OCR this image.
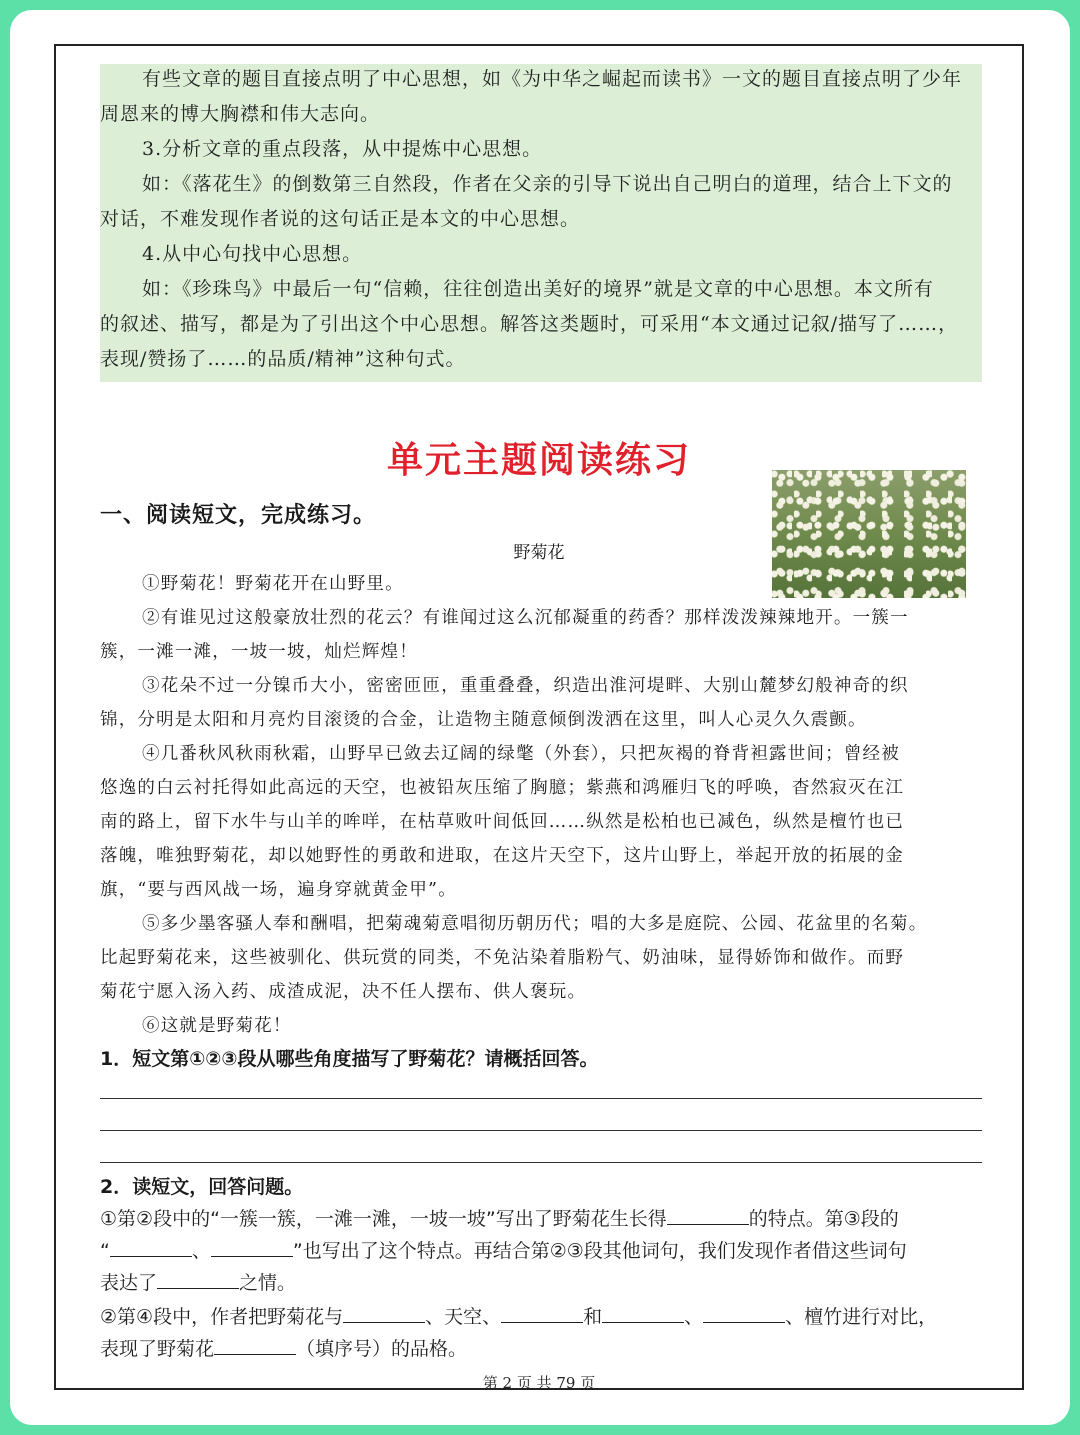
有些文章的题目直接点明了中心思想，如《为中华之崛起而读书》一文的题目直接点明了少年
周恩来的博大胸襟和伟大志向。
3.分析文章的重点段落，从中提炼中心思想。
如：《落花生》的倒数第三自然段，作者在父亲的引导下说出自己明白的道理，结合上下文的
对话，不难发现作者说的这句话正是本文的中心思想。
4.从中心句找中心思想。
如：《珍珠鸟》中最后一句“信赖，往往创造出美好的境界”就是文章的中心思想。本文所有
的叙述、描写，都是为了引出这个中心思想。解答这类题时，可采用“本文通过记叙/描写了……，
表现/赞扬了……的品质/精神”这种句式。
单元主题阅读练习
一、阅读短文，完成练习。
野菊花
①野菊花！野菊花开在山野里。
②有谁见过这般豪放壮烈的花云？有谁闻过这么沉郁凝重的药香？那样泼泼辣辣地开。一簇一
簇，一滩一滩，一坡一坡，灿烂辉煌！
③花朵不过一分镍币大小，密密匝匝，重重叠叠，织造出淮河堤畔、大别山麓梦幻般神奇的织
锦，分明是太阳和月亮灼目滚烫的合金，让造物主随意倾倒泼洒在这里，叫人心灵久久震颤。
④几番秋风秋雨秋霜，山野早已敛去辽阔的绿氅（外套），只把灰褐的脊背袒露世间；曾经被
悠逸的白云衬托得如此高远的天空，也被铅灰压缩了胸臆；紫燕和鸿雁归飞的呼唤，杳然寂灭在江
南的路上，留下水牛与山羊的哞咩，在枯草败叶间低回……纵然是松柏也已减色，纵然是檀竹也已
落魄，唯独野菊花，却以她野性的勇敢和进取，在这片天空下，这片山野上，举起开放的拓展的金
旗，“要与西风战一场，遍身穿就黄金甲”。
⑤多少墨客骚人奉和酬唱，把菊魂菊意唱彻历朝历代；唱的大多是庭院、公园、花盆里的名菊。
比起野菊花来，这些被驯化、供玩赏的同类，不免沾染着脂粉气、奶油味，显得娇饰和做作。而野
菊花宁愿入汤入药、成渣成泥，决不任人摆布、供人褒玩。
⑥这就是野菊花！
1．短文第①②③段从哪些角度描写了野菊花？请概括回答。
2．读短文，回答问题。
①第②段中的“一簇一簇，一滩一滩，一坡一坡”写出了野菊花生长得	的特点。第③段的
“	、	”也写出了这个特点。再结合第②③段其他词句，我们发现作者借这些词句
表达了	之情。
②第④段中，作者把野菊花与	、天空、	和	、	、檀竹进行对比，
表现了野菊花	（填序号）的品格。
第 2 页 共 79 页
